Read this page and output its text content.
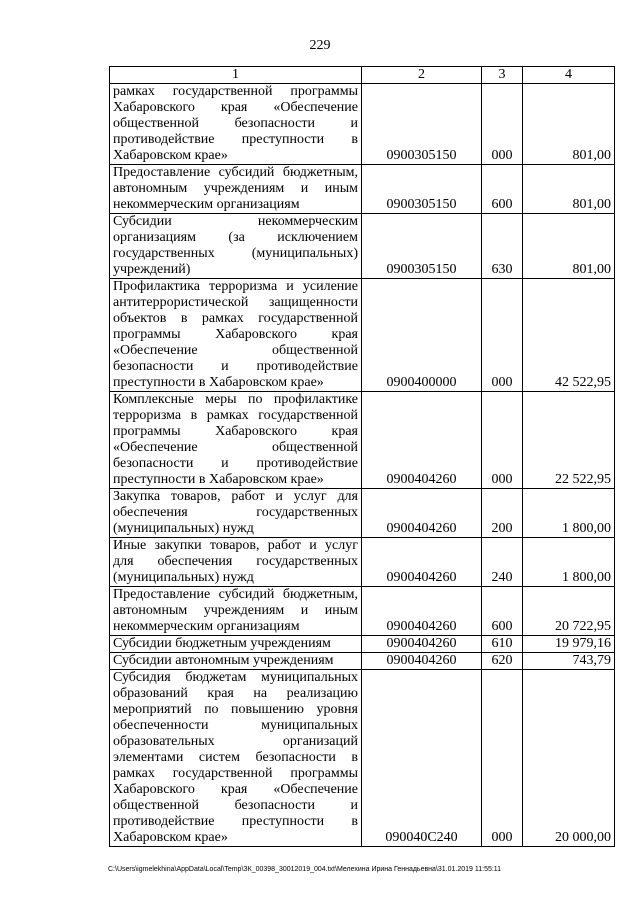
229
1	2	3	4
рамках государственной программы Хабаровского края «Обеспечение общественной безопасности и противодействие преступности в Хабаровском крае»	0900305150	000	801,00
Предоставление субсидий бюджетным, автономным учреждениям и иным некоммерческим организациям	0900305150	600	801,00
Субсидии некоммерческим организациям (за исключением государственных (муниципальных) учреждений)	0900305150	630	801,00
Профилактика терроризма и усиление антитеррористической защищенности объектов в рамках государственной программы Хабаровского края «Обеспечение общественной безопасности и противодействие преступности в Хабаровском крае»	0900400000	000	42 522,95
Комплексные меры по профилактике терроризма в рамках государственной программы Хабаровского края «Обеспечение общественной безопасности и противодействие преступности в Хабаровском крае»	0900404260	000	22 522,95
Закупка товаров, работ и услуг для обеспечения государственных (муниципальных) нужд	0900404260	200	1 800,00
Иные закупки товаров, работ и услуг для обеспечения государственных (муниципальных) нужд	0900404260	240	1 800,00
Предоставление субсидий бюджетным, автономным учреждениям и иным некоммерческим организациям	0900404260	600	20 722,95
Субсидии бюджетным учреждениям	0900404260	610	19 979,16
Субсидии автономным учреждениям	0900404260	620	743,79
Субсидия бюджетам муниципальных образований края на реализацию мероприятий по повышению уровня обеспеченности муниципальных образовательных организаций элементами систем безопасности в рамках государственной программы Хабаровского края «Обеспечение общественной безопасности и противодействие преступности в Хабаровском крае»	090040С240	000	20 000,00
C:\Users\igmelekhina\AppData\Local\Temp\ЗК_00398_30012019_004.txt\Мелехина Ирина Геннадьевна\31.01.2019 11:55:11
